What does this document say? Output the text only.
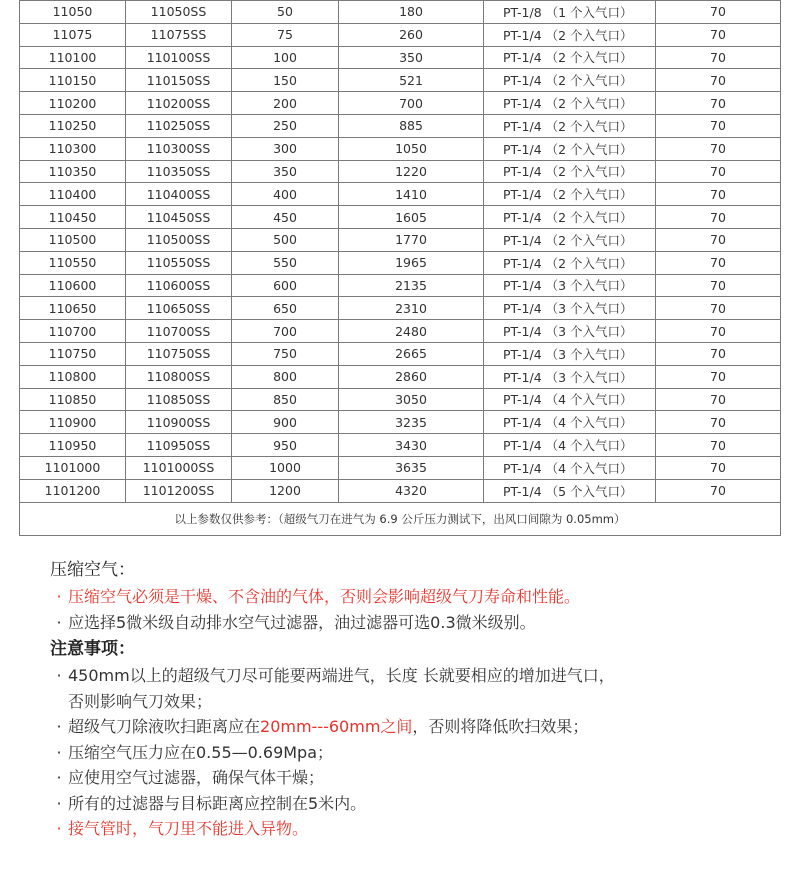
11050	11050SS	50	180	PT-1/8 （1 个入气口）	70
11075	11075SS	75	260	PT-1/4 （2 个入气口）	70
110100	110100SS	100	350	PT-1/4 （2 个入气口）	70
110150	110150SS	150	521	PT-1/4 （2 个入气口）	70
110200	110200SS	200	700	PT-1/4 （2 个入气口）	70
110250	110250SS	250	885	PT-1/4 （2 个入气口）	70
110300	110300SS	300	1050	PT-1/4 （2 个入气口）	70
110350	110350SS	350	1220	PT-1/4 （2 个入气口）	70
110400	110400SS	400	1410	PT-1/4 （2 个入气口）	70
110450	110450SS	450	1605	PT-1/4 （2 个入气口）	70
110500	110500SS	500	1770	PT-1/4 （2 个入气口）	70
110550	110550SS	550	1965	PT-1/4 （2 个入气口）	70
110600	110600SS	600	2135	PT-1/4 （3 个入气口）	70
110650	110650SS	650	2310	PT-1/4 （3 个入气口）	70
110700	110700SS	700	2480	PT-1/4 （3 个入气口）	70
110750	110750SS	750	2665	PT-1/4 （3 个入气口）	70
110800	110800SS	800	2860	PT-1/4 （3 个入气口）	70
110850	110850SS	850	3050	PT-1/4 （4 个入气口）	70
110900	110900SS	900	3235	PT-1/4 （4 个入气口）	70
110950	110950SS	950	3430	PT-1/4 （4 个入气口）	70
1101000	1101000SS	1000	3635	PT-1/4 （4 个入气口）	70
1101200	1101200SS	1200	4320	PT-1/4 （5 个入气口）	70
以上参数仅供参考：（超级气刀在进气为 6.9 公斤压力测试下，出风口间隙为 0.05mm）					
压缩空气：
· 压缩空气必须是干燥、不含油的气体，否则会影响超级气刀寿命和性能。
· 应选择5微米级自动排水空气过滤器，油过滤器可选0.3微米级别。
注意事项：
· 450mm以上的超级气刀尽可能要两端进气，长度 长就要相应的增加进气口，
否则影响气刀效果；
· 超级气刀除液吹扫距离应在20mm---60mm之间，否则将降低吹扫效果；
· 压缩空气压力应在0.55—0.69Mpa；
· 应使用空气过滤器，确保气体干燥；
· 所有的过滤器与目标距离应控制在5米内。
· 接气管时，气刀里不能进入异物。
